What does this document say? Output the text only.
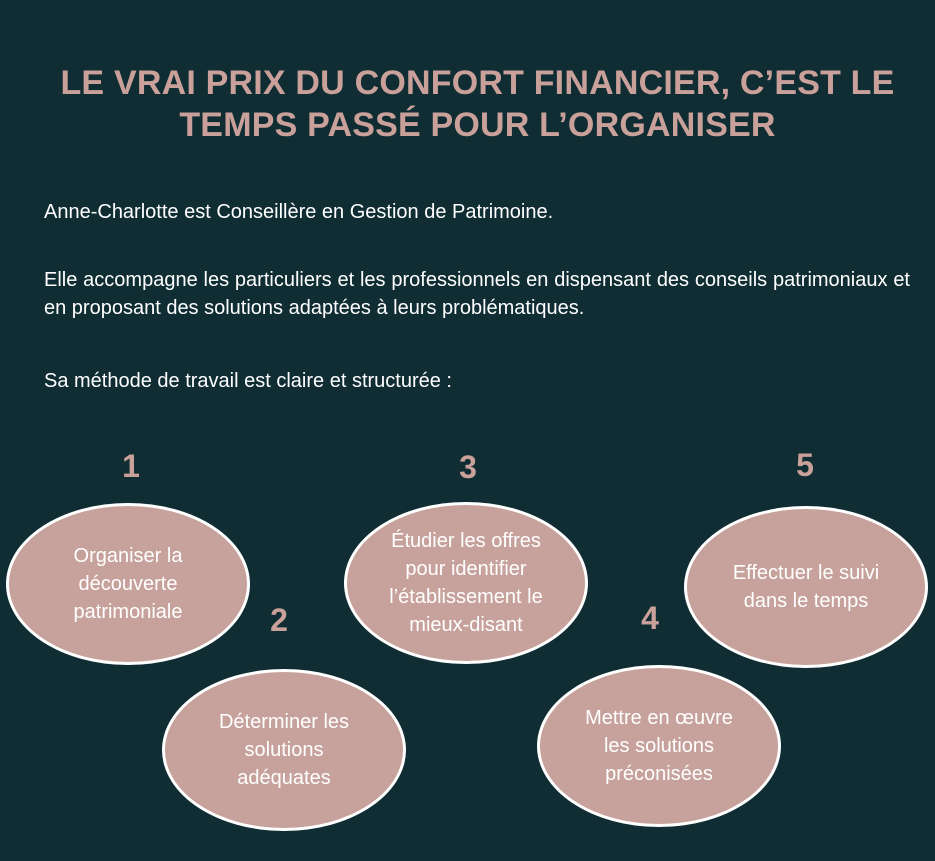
LE VRAI PRIX DU CONFORT FINANCIER, C’EST LE TEMPS PASSÉ POUR L’ORGANISER

Anne-Charlotte est Conseillère en Gestion de Patrimoine.

Elle accompagne les particuliers et les professionnels en dispensant des conseils patrimoniaux et en proposant des solutions adaptées à leurs problématiques.

Sa méthode de travail est claire et structurée :

1
Organiser la découverte patrimoniale	2
Déterminer les solutions adéquates
3
Étudier les offres pour identifier l’établissement le mieux-disant	4
Mettre en œuvre les solutions préconisées
5
Effectuer le suivi dans le temps
